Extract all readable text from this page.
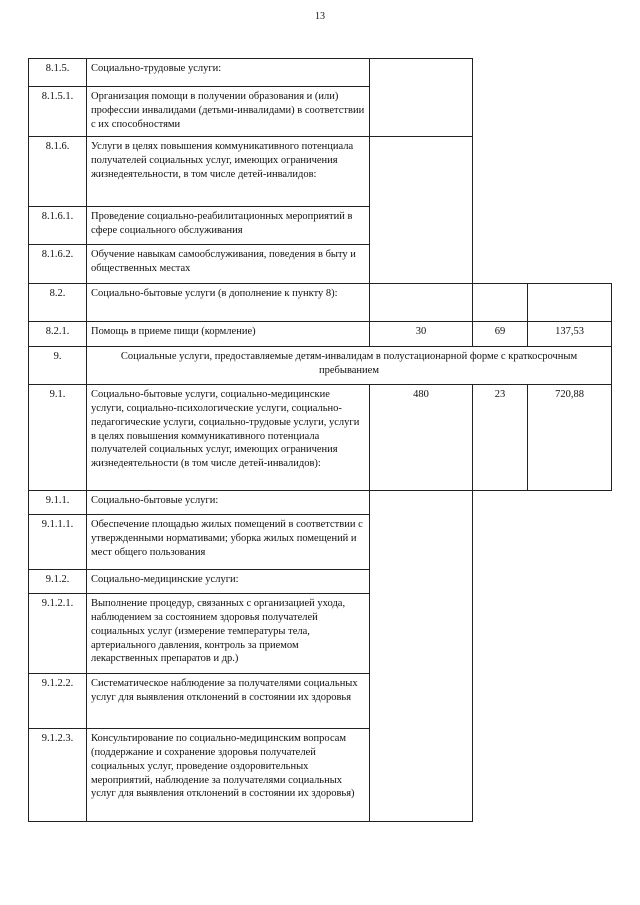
13
8.1.5.	Социально-трудовые услуги:			
8.1.5.1.	Организация помощи в получении образования и (или) профессии инвалидами (детьми-инвалидами) в соответствии с их способностями			
8.1.6.	Услуги в целях повышения коммуникативного потенциала получателей социальных услуг, имеющих ограничения жизнедеятельности, в том числе детей-инвалидов:			
8.1.6.1.	Проведение социально-реабилитационных мероприятий в сфере социального обслуживания			
8.1.6.2.	Обучение навыкам самообслуживания, поведения в быту и общественных местах			
8.2.	Социально-бытовые услуги (в дополнение к пункту 8):			
8.2.1.	Помощь в приеме пищи (кормление)	30	69	137,53
9.	Социальные услуги, предоставляемые детям-инвалидам в полустационарной форме с краткосрочным пребыванием			
9.1.	Социально-бытовые услуги, социально-медицинские услуги, социально-психологические услуги, социально-педагогические услуги, социально-трудовые услуги, услуги в целях повышения коммуникативного потенциала получателей социальных услуг, имеющих ограничения жизнедеятельности (в том числе детей-инвалидов):	480	23	720,88
9.1.1.	Социально-бытовые услуги:			
9.1.1.1.	Обеспечение площадью жилых помещений в соответствии с утвержденными нормативами; уборка жилых помещений и мест общего пользования			
9.1.2.	Социально-медицинские услуги:			
9.1.2.1.	Выполнение процедур, связанных с организацией ухода, наблюдением за состоянием здоровья получателей социальных услуг (измерение температуры тела, артериального давления, контроль за приемом лекарственных препаратов и др.)			
9.1.2.2.	Систематическое наблюдение за получателями социальных услуг для выявления отклонений в состоянии их здоровья			
9.1.2.3.	Консультирование по социально-медицинским вопросам (поддержание и сохранение здоровья получателей социальных услуг, проведение оздоровительных мероприятий, наблюдение за получателями социальных услуг для выявления отклонений в состоянии их здоровья)			
